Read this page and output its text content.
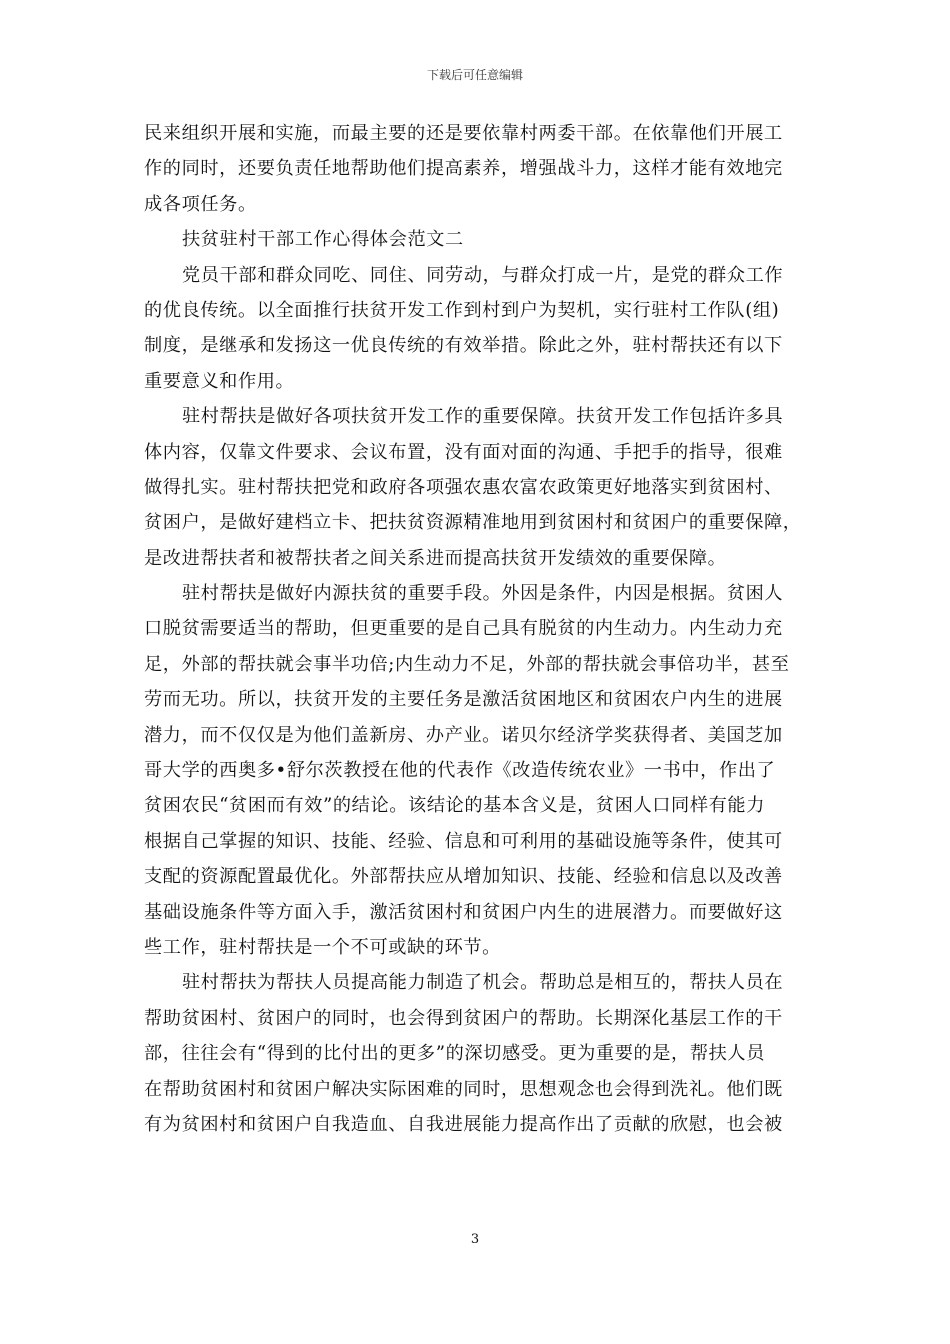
下载后可任意编辑
民来组织开展和实施，而最主要的还是要依靠村两委干部。在依靠他们开展工
作的同时，还要负责任地帮助他们提高素养，增强战斗力，这样才能有效地完
成各项任务。
扶贫驻村干部工作心得体会范文二
党员干部和群众同吃、同住、同劳动，与群众打成一片，是党的群众工作
的优良传统。以全面推行扶贫开发工作到村到户为契机，实行驻村工作队(组)
制度，是继承和发扬这一优良传统的有效举措。除此之外，驻村帮扶还有以下
重要意义和作用。
驻村帮扶是做好各项扶贫开发工作的重要保障。扶贫开发工作包括许多具
体内容，仅靠文件要求、会议布置，没有面对面的沟通、手把手的指导，很难
做得扎实。驻村帮扶把党和政府各项强农惠农富农政策更好地落实到贫困村、
贫困户，是做好建档立卡、把扶贫资源精准地用到贫困村和贫困户的重要保障，
是改进帮扶者和被帮扶者之间关系进而提高扶贫开发绩效的重要保障。
驻村帮扶是做好内源扶贫的重要手段。外因是条件，内因是根据。贫困人
口脱贫需要适当的帮助，但更重要的是自己具有脱贫的内生动力。内生动力充
足，外部的帮扶就会事半功倍;内生动力不足，外部的帮扶就会事倍功半，甚至
劳而无功。所以，扶贫开发的主要任务是激活贫困地区和贫困农户内生的进展
潜力，而不仅仅是为他们盖新房、办产业。诺贝尔经济学奖获得者、美国芝加
哥大学的西奥多•舒尔茨教授在他的代表作《改造传统农业》一书中，作出了
贫困农民“贫困而有效”的结论。该结论的基本含义是，贫困人口同样有能力
根据自己掌握的知识、技能、经验、信息和可利用的基础设施等条件，使其可
支配的资源配置最优化。外部帮扶应从增加知识、技能、经验和信息以及改善
基础设施条件等方面入手，激活贫困村和贫困户内生的进展潜力。而要做好这
些工作，驻村帮扶是一个不可或缺的环节。
驻村帮扶为帮扶人员提高能力制造了机会。帮助总是相互的，帮扶人员在
帮助贫困村、贫困户的同时，也会得到贫困户的帮助。长期深化基层工作的干
部，往往会有“得到的比付出的更多”的深切感受。更为重要的是，帮扶人员
在帮助贫困村和贫困户解决实际困难的同时，思想观念也会得到洗礼。他们既
有为贫困村和贫困户自我造血、自我进展能力提高作出了贡献的欣慰，也会被
3
